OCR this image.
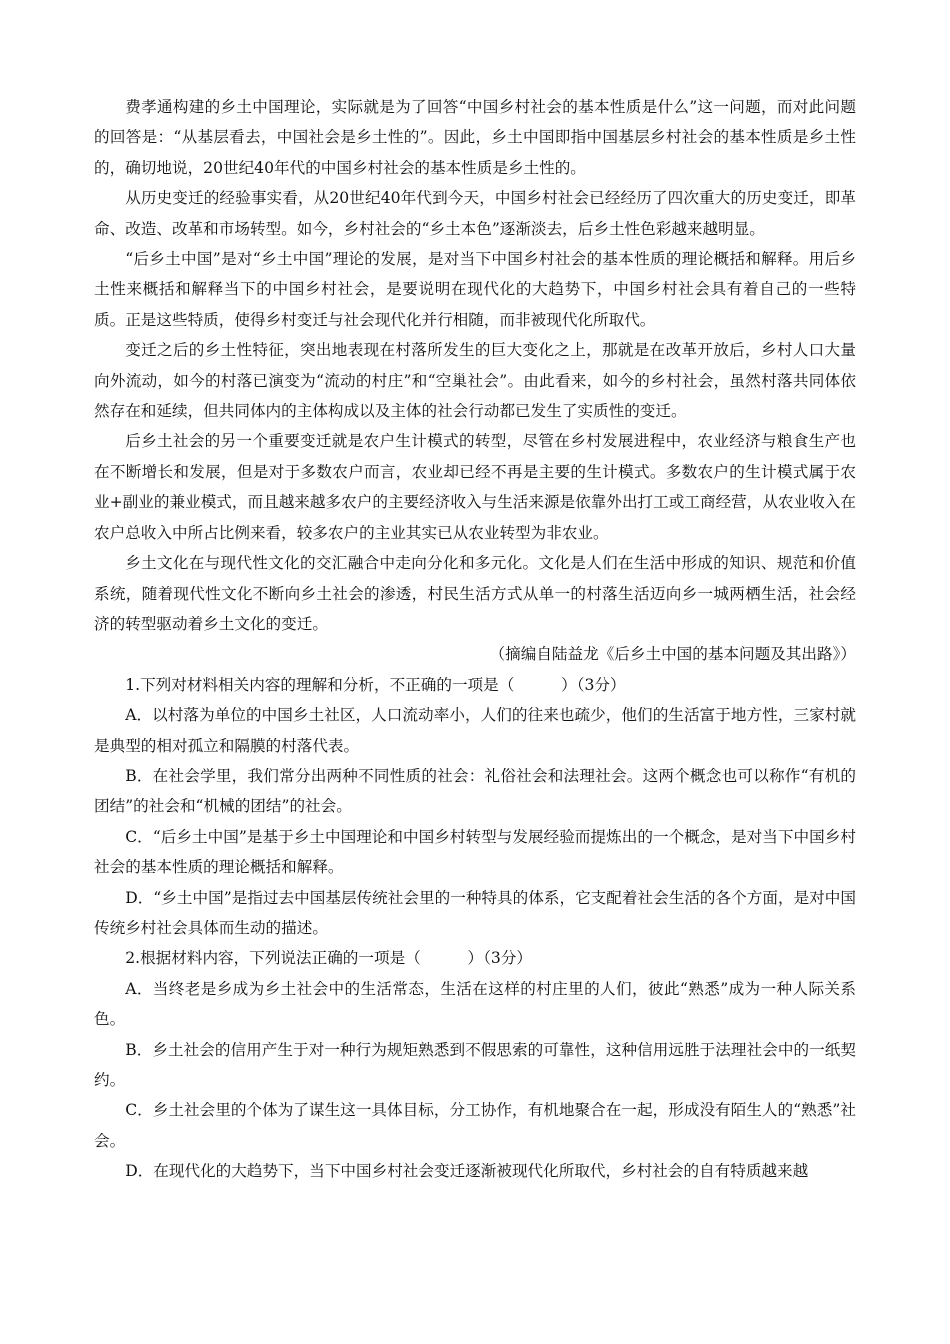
费孝通构建的乡土中国理论，实际就是为了回答“中国乡村社会的基本性质是什么”这一问题，而对此问题的回答是：“从基层看去，中国社会是乡土性的”。因此，乡土中国即指中国基层乡村社会的基本性质是乡土性的，确切地说，20世纪40年代的中国乡村社会的基本性质是乡土性的。

从历史变迁的经验事实看，从20世纪40年代到今天，中国乡村社会已经经历了四次重大的历史变迁，即革命、改造、改革和市场转型。如今，乡村社会的“乡土本色”逐渐淡去，后乡土性色彩越来越明显。

“后乡土中国”是对“乡土中国”理论的发展，是对当下中国乡村社会的基本性质的理论概括和解释。用后乡土性来概括和解释当下的中国乡村社会，是要说明在现代化的大趋势下，中国乡村社会具有着自己的一些特质。正是这些特质，使得乡村变迁与社会现代化并行相随，而非被现代化所取代。

变迁之后的乡土性特征，突出地表现在村落所发生的巨大变化之上，那就是在改革开放后，乡村人口大量向外流动，如今的村落已演变为“流动的村庄”和“空巢社会”。由此看来，如今的乡村社会，虽然村落共同体依然存在和延续，但共同体内的主体构成以及主体的社会行动都已发生了实质性的变迁。

后乡土社会的另一个重要变迁就是农户生计模式的转型，尽管在乡村发展进程中，农业经济与粮食生产也在不断增长和发展，但是对于多数农户而言，农业却已经不再是主要的生计模式。多数农户的生计模式属于农业+副业的兼业模式，而且越来越多农户的主要经济收入与生活来源是依靠外出打工或工商经营，从农业收入在农户总收入中所占比例来看，较多农户的主业其实已从农业转型为非农业。

乡土文化在与现代性文化的交汇融合中走向分化和多元化。文化是人们在生活中形成的知识、规范和价值系统，随着现代性文化不断向乡土社会的渗透，村民生活方式从单一的村落生活迈向乡一城两栖生活，社会经济的转型驱动着乡土文化的变迁。

（摘编自陆益龙《后乡土中国的基本问题及其出路》）

1.下列对材料相关内容的理解和分析，不正确的一项是（　　　）（3分）

A．以村落为单位的中国乡土社区，人口流动率小，人们的往来也疏少，他们的生活富于地方性，三家村就是典型的相对孤立和隔膜的村落代表。

B．在社会学里，我们常分出两种不同性质的社会：礼俗社会和法理社会。这两个概念也可以称作“有机的团结”的社会和“机械的团结”的社会。

C．“后乡土中国”是基于乡土中国理论和中国乡村转型与发展经验而提炼出的一个概念，是对当下中国乡村社会的基本性质的理论概括和解释。

D．“乡土中国”是指过去中国基层传统社会里的一种特具的体系，它支配着社会生活的各个方面，是对中国传统乡村社会具体而生动的描述。

2.根据材料内容，下列说法正确的一项是（　　　）（3分）

A．当终老是乡成为乡土社会中的生活常态，生活在这样的村庄里的人们，彼此“熟悉”成为一种人际关系色。

B．乡土社会的信用产生于对一种行为规矩熟悉到不假思索的可靠性，这种信用远胜于法理社会中的一纸契约。

C．乡土社会里的个体为了谋生这一具体目标，分工协作，有机地聚合在一起，形成没有陌生人的“熟悉”社会。

D．在现代化的大趋势下，当下中国乡村社会变迁逐渐被现代化所取代，乡村社会的自有特质越来越
